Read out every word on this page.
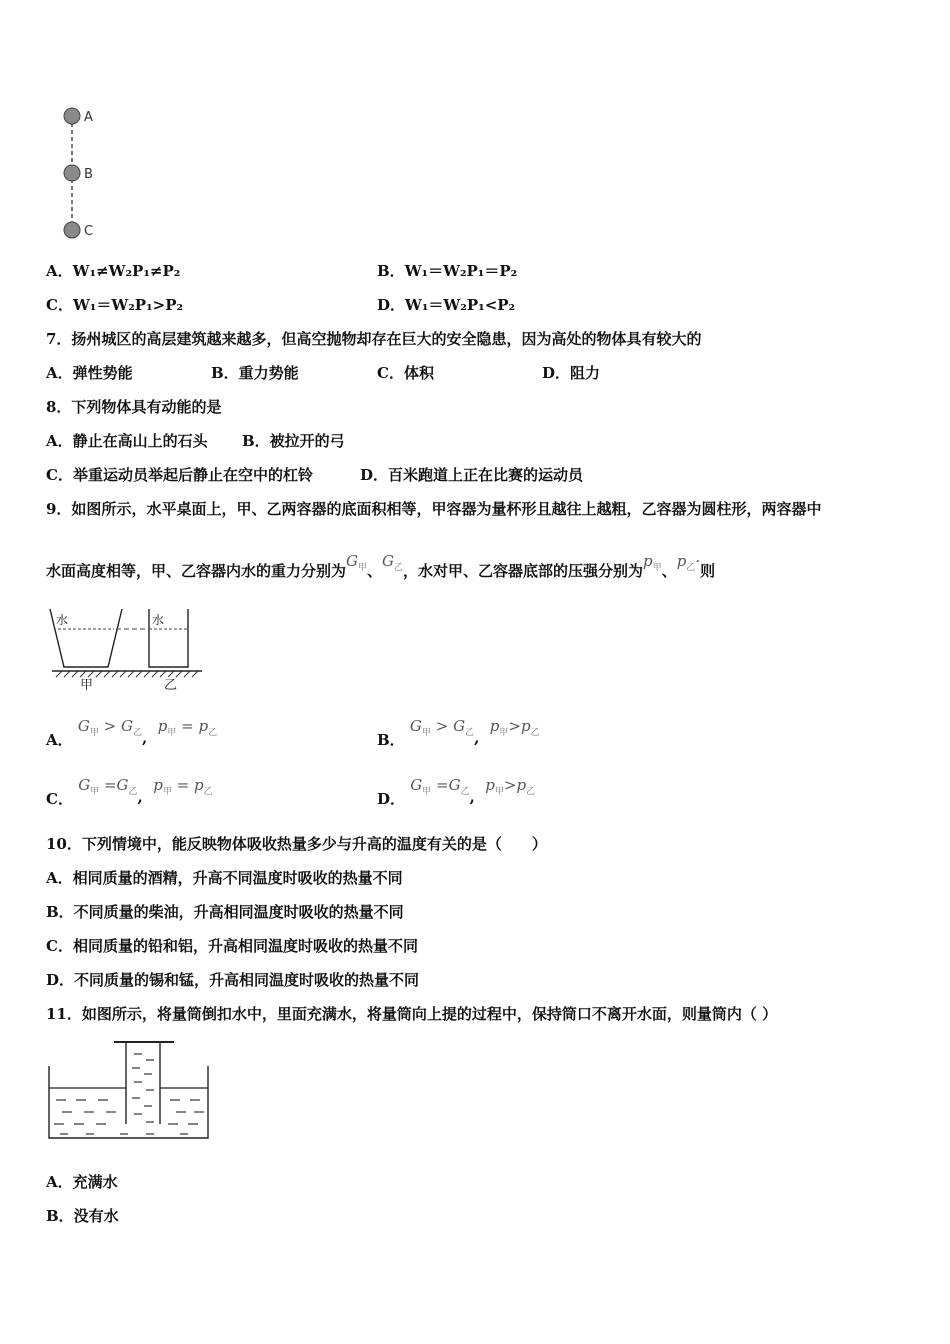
A
B
C
A．W₁≠W₂P₁≠P₂	B．W₁＝W₂P₁＝P₂
C．W₁＝W₂P₁>P₂	D．W₁＝W₂P₁<P₂
7．扬州城区的高层建筑越来越多，但高空抛物却存在巨大的安全隐患，因为高处的物体具有较大的
A．弹性势能	B．重力势能	C．体积	D．阻力
8．下列物体具有动能的是
A．静止在高山上的石头 B．被拉开的弓
C．举重运动员举起后静止在空中的杠铃	D．百米跑道上正在比赛的运动员
9．如图所示，水平桌面上，甲、乙两容器的底面积相等，甲容器为量杯形且越往上越粗，乙容器为圆柱形，两容器中
水面高度相等，甲、乙容器内水的重力分别为$G_甲$、$G_乙$，水对甲、乙容器底部的压强分别为$p_甲$、$p_乙\cdot$则
水	水
甲	乙
A． $G_甲 > G_乙$,  $p_甲 = p_乙$	B． $G_甲 > G_乙$,  $p_甲>p_乙$
C． $G_甲 =G_乙$,  $p_甲 = p_乙$	D． $G_甲 =G_乙$,  $p_甲>p_乙$
10．下列情境中，能反映物体吸收热量多少与升高的温度有关的是（　　）
A．相同质量的酒精，升高不同温度时吸收的热量不同
B．不同质量的柴油，升高相同温度时吸收的热量不同
C．相同质量的铅和铝，升高相同温度时吸收的热量不同
D．不同质量的锡和锰，升高相同温度时吸收的热量不同
11．如图所示，将量筒倒扣水中，里面充满水，将量筒向上提的过程中，保持筒口不离开水面，则量筒内（ ）
A．充满水
B．没有水
